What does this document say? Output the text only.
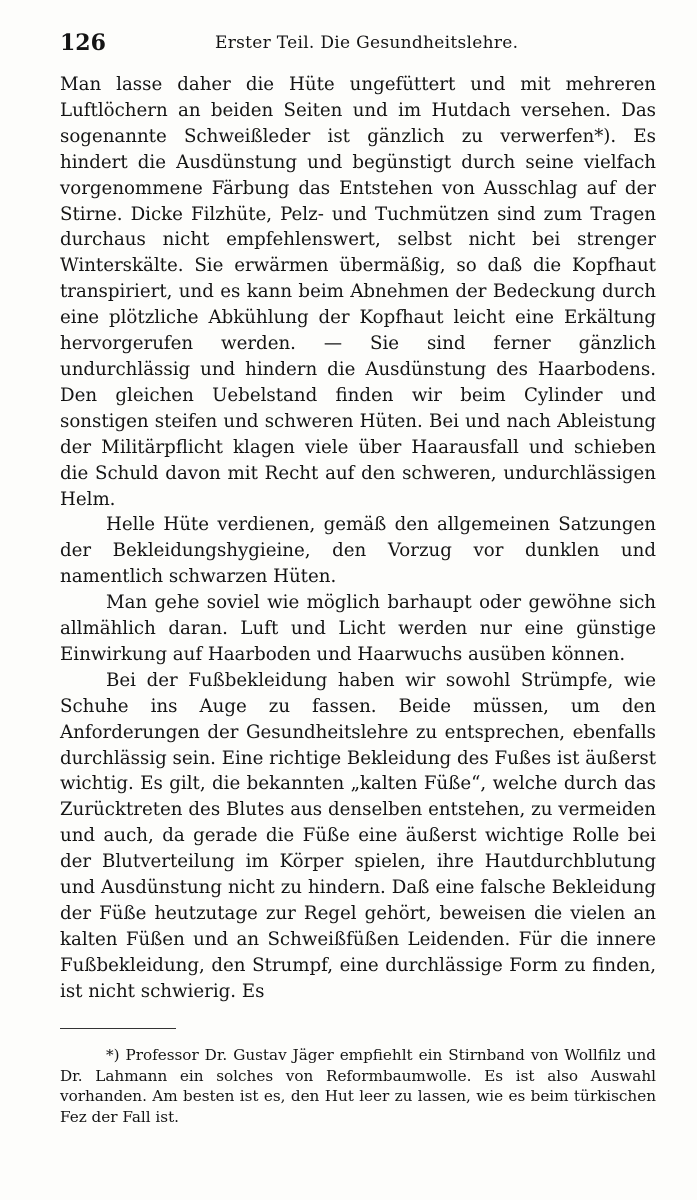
126	Erster Teil. Die Gesundheitslehre.

Man lasse daher die Hüte ungefüttert und mit mehreren Luftlöchern an beiden Seiten und im Hutdach versehen. Das sogenannte Schweißleder ist gänzlich zu verwerfen*). Es hindert die Ausdünstung und begünstigt durch seine vielfach vorgenommene Färbung das Entstehen von Ausschlag auf der Stirne. Dicke Filzhüte, Pelz- und Tuchmützen sind zum Tragen durchaus nicht empfehlenswert, selbst nicht bei strenger Winterskälte. Sie erwärmen übermäßig, so daß die Kopfhaut transpiriert, und es kann beim Abnehmen der Bedeckung durch eine plötzliche Abkühlung der Kopfhaut leicht eine Erkältung hervorgerufen werden. — Sie sind ferner gänzlich undurchlässig und hindern die Ausdünstung des Haarbodens. Den gleichen Uebelstand finden wir beim Cylinder und sonstigen steifen und schweren Hüten. Bei und nach Ableistung der Militärpflicht klagen viele über Haarausfall und schieben die Schuld davon mit Recht auf den schweren, undurchlässigen Helm.

Helle Hüte verdienen, gemäß den allgemeinen Satzungen der Bekleidungshygieine, den Vorzug vor dunklen und namentlich schwarzen Hüten.

Man gehe soviel wie möglich barhaupt oder gewöhne sich allmählich daran. Luft und Licht werden nur eine günstige Einwirkung auf Haarboden und Haarwuchs ausüben können.

Bei der Fußbekleidung haben wir sowohl Strümpfe, wie Schuhe ins Auge zu fassen. Beide müssen, um den Anforderungen der Gesundheitslehre zu entsprechen, ebenfalls durchlässig sein. Eine richtige Bekleidung des Fußes ist äußerst wichtig. Es gilt, die bekannten „kalten Füße“, welche durch das Zurücktreten des Blutes aus denselben entstehen, zu vermeiden und auch, da gerade die Füße eine äußerst wichtige Rolle bei der Blutverteilung im Körper spielen, ihre Hautdurchblutung und Ausdünstung nicht zu hindern. Daß eine falsche Bekleidung der Füße heutzutage zur Regel gehört, beweisen die vielen an kalten Füßen und an Schweißfüßen Leidenden. Für die innere Fußbekleidung, den Strumpf, eine durchlässige Form zu finden, ist nicht schwierig. Es

*) Professor Dr. Gustav Jäger empfiehlt ein Stirnband von Wollfilz und Dr. Lahmann ein solches von Reformbaumwolle. Es ist also Auswahl vorhanden. Am besten ist es, den Hut leer zu lassen, wie es beim türkischen Fez der Fall ist.
